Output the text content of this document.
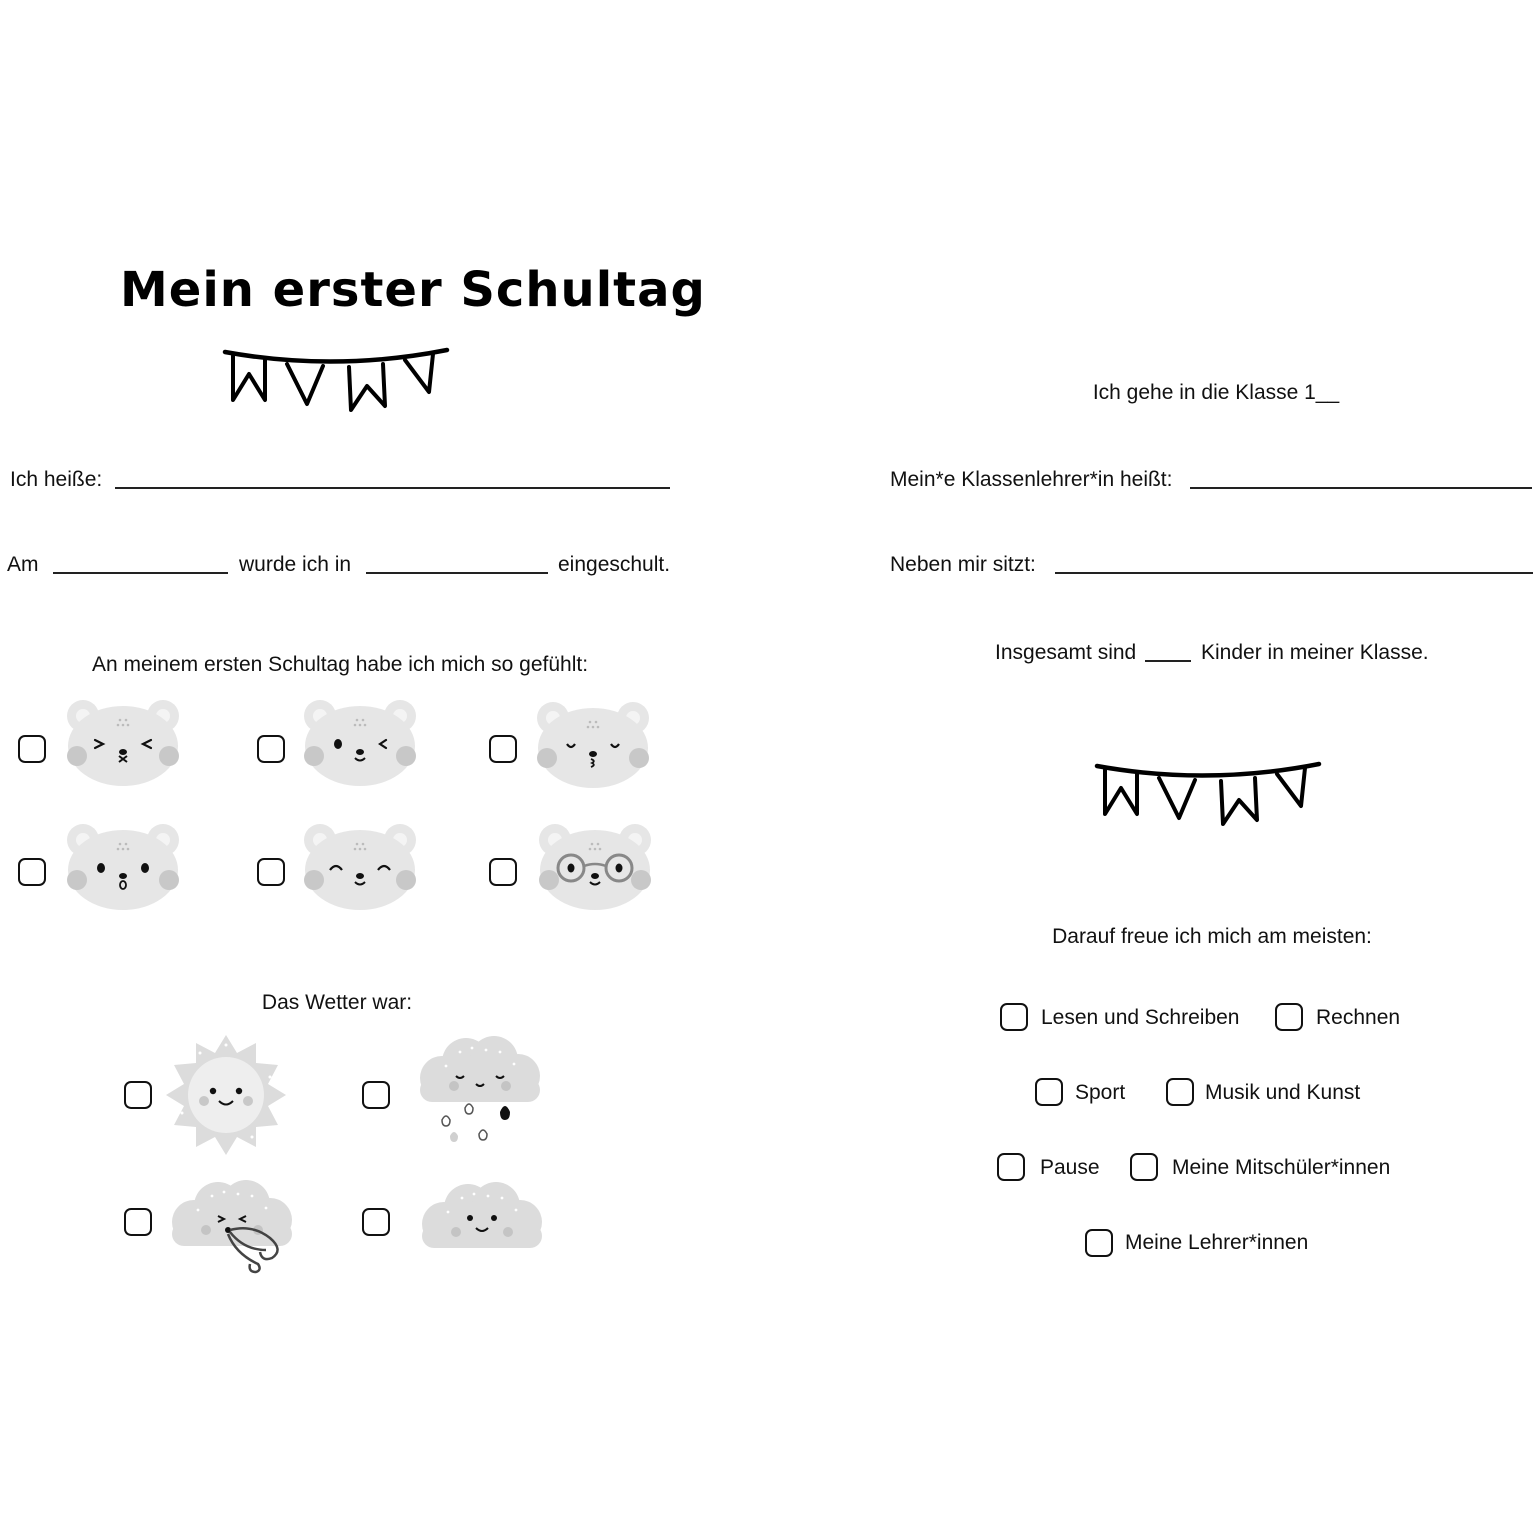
Mein erster Schultag
Ich heiße:
Am	wurde ich in	eingeschult.
An meinem ersten Schultag habe ich mich so gefühlt:
Das Wetter war:
Ich gehe in die Klasse 1__
Mein*e Klassenlehrer*in heißt:
Neben mir sitzt:
Insgesamt sind	Kinder in meiner Klasse.
Darauf freue ich mich am meisten:
Lesen und Schreiben	Rechnen
Sport	Musik und Kunst
Pause	Meine Mitschüler*innen
Meine Lehrer*innen
